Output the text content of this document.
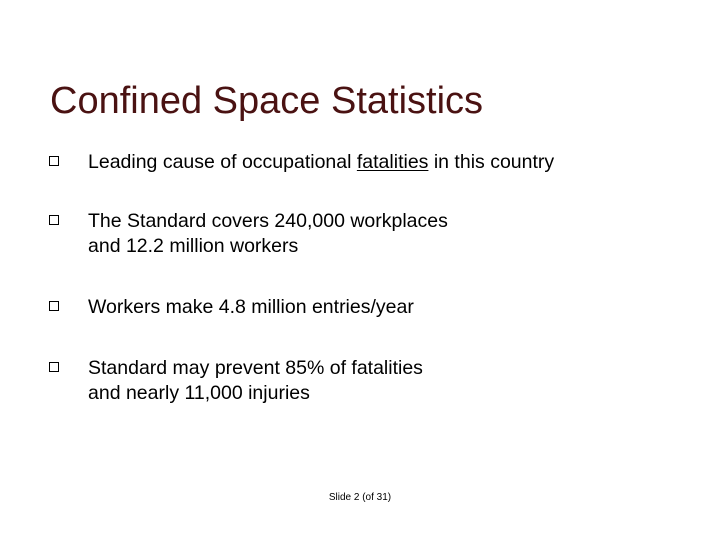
Confined Space Statistics
Leading cause of occupational fatalities in this country
The Standard covers 240,000 workplaces
and 12.2 million workers
Workers make 4.8 million entries/year
Standard may prevent 85% of fatalities
and nearly 11,000 injuries
Slide 2 (of 31)
